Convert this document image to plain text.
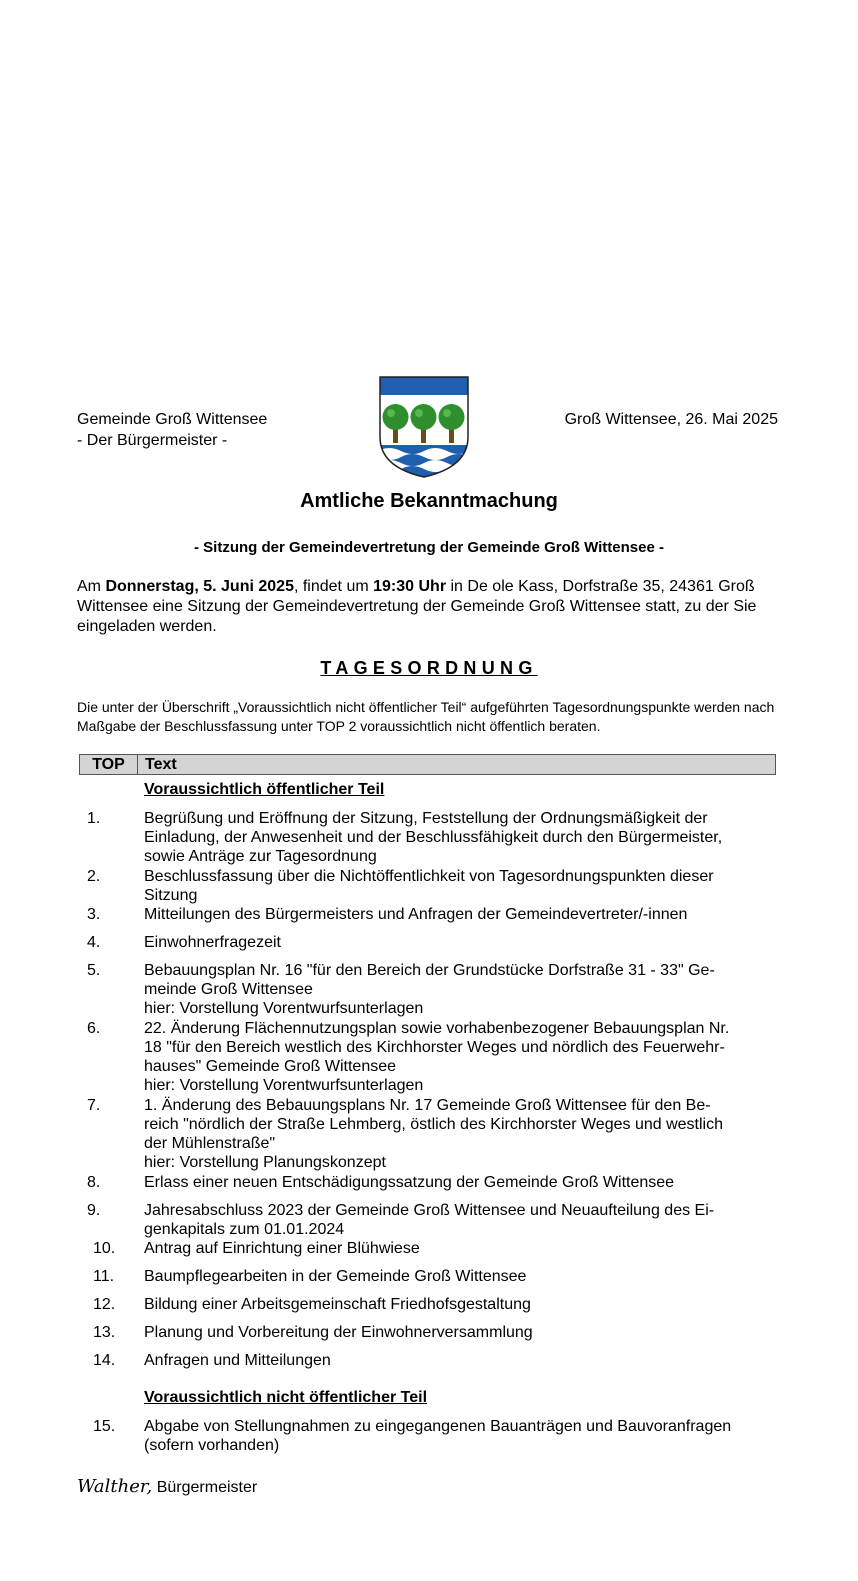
Gemeinde Groß Wittensee
- Der Bürgermeister -
Groß Wittensee, 26. Mai 2025
Amtliche Bekanntmachung
- Sitzung der Gemeindevertretung der Gemeinde Groß Wittensee -
Am Donnerstag, 5. Juni 2025, findet um 19:30 Uhr in De ole Kass, Dorfstraße 35, 24361 Groß Wittensee eine Sitzung der Gemeindevertretung der Gemeinde Groß Wittensee statt, zu der Sie eingeladen werden.
TAGESORDNUNG
Die unter der Überschrift „Voraussichtlich nicht öffentlicher Teil“ aufgeführten Tagesordnungspunkte werden nach Maßgabe der Beschlussfassung unter TOP 2 voraussichtlich nicht öffentlich beraten.
TOP	Text
Voraussichtlich öffentlicher Teil
1.	Begrüßung und Eröffnung der Sitzung, Feststellung der Ordnungsmäßigkeit der
Einladung, der Anwesenheit und der Beschlussfähigkeit durch den Bürgermeister,
sowie Anträge zur Tagesordnung
2.	Beschlussfassung über die Nichtöffentlichkeit von Tagesordnungspunkten dieser
Sitzung
3.	Mitteilungen des Bürgermeisters und Anfragen der Gemeindevertreter/-innen
4.	Einwohnerfragezeit
5.	Bebauungsplan Nr. 16 "für den Bereich der Grundstücke Dorfstraße 31 - 33" Ge-
meinde Groß Wittensee
hier: Vorstellung Vorentwurfsunterlagen
6.	22. Änderung Flächennutzungsplan sowie vorhabenbezogener Bebauungsplan Nr.
18 "für den Bereich westlich des Kirchhorster Weges und nördlich des Feuerwehr-
hauses" Gemeinde Groß Wittensee
hier: Vorstellung Vorentwurfsunterlagen
7.	1. Änderung des Bebauungsplans Nr. 17 Gemeinde Groß Wittensee für den Be-
reich "nördlich der Straße Lehmberg, östlich des Kirchhorster Weges und westlich
der Mühlenstraße"
hier: Vorstellung Planungskonzept
8.	Erlass einer neuen Entschädigungssatzung der Gemeinde Groß Wittensee
9.	Jahresabschluss 2023 der Gemeinde Groß Wittensee und Neuaufteilung des Ei-
genkapitals zum 01.01.2024
10. Antrag auf Einrichtung einer Blühwiese
11. Baumpflegearbeiten in der Gemeinde Groß Wittensee
12. Bildung einer Arbeitsgemeinschaft Friedhofsgestaltung
13. Planung und Vorbereitung der Einwohnerversammlung
14. Anfragen und Mitteilungen
15. Abgabe von Stellungnahmen zu eingegangenen Bauanträgen und Bauvoranfragen
(sofern vorhanden)
Voraussichtlich nicht öffentlicher Teil
Walther, Bürgermeister
